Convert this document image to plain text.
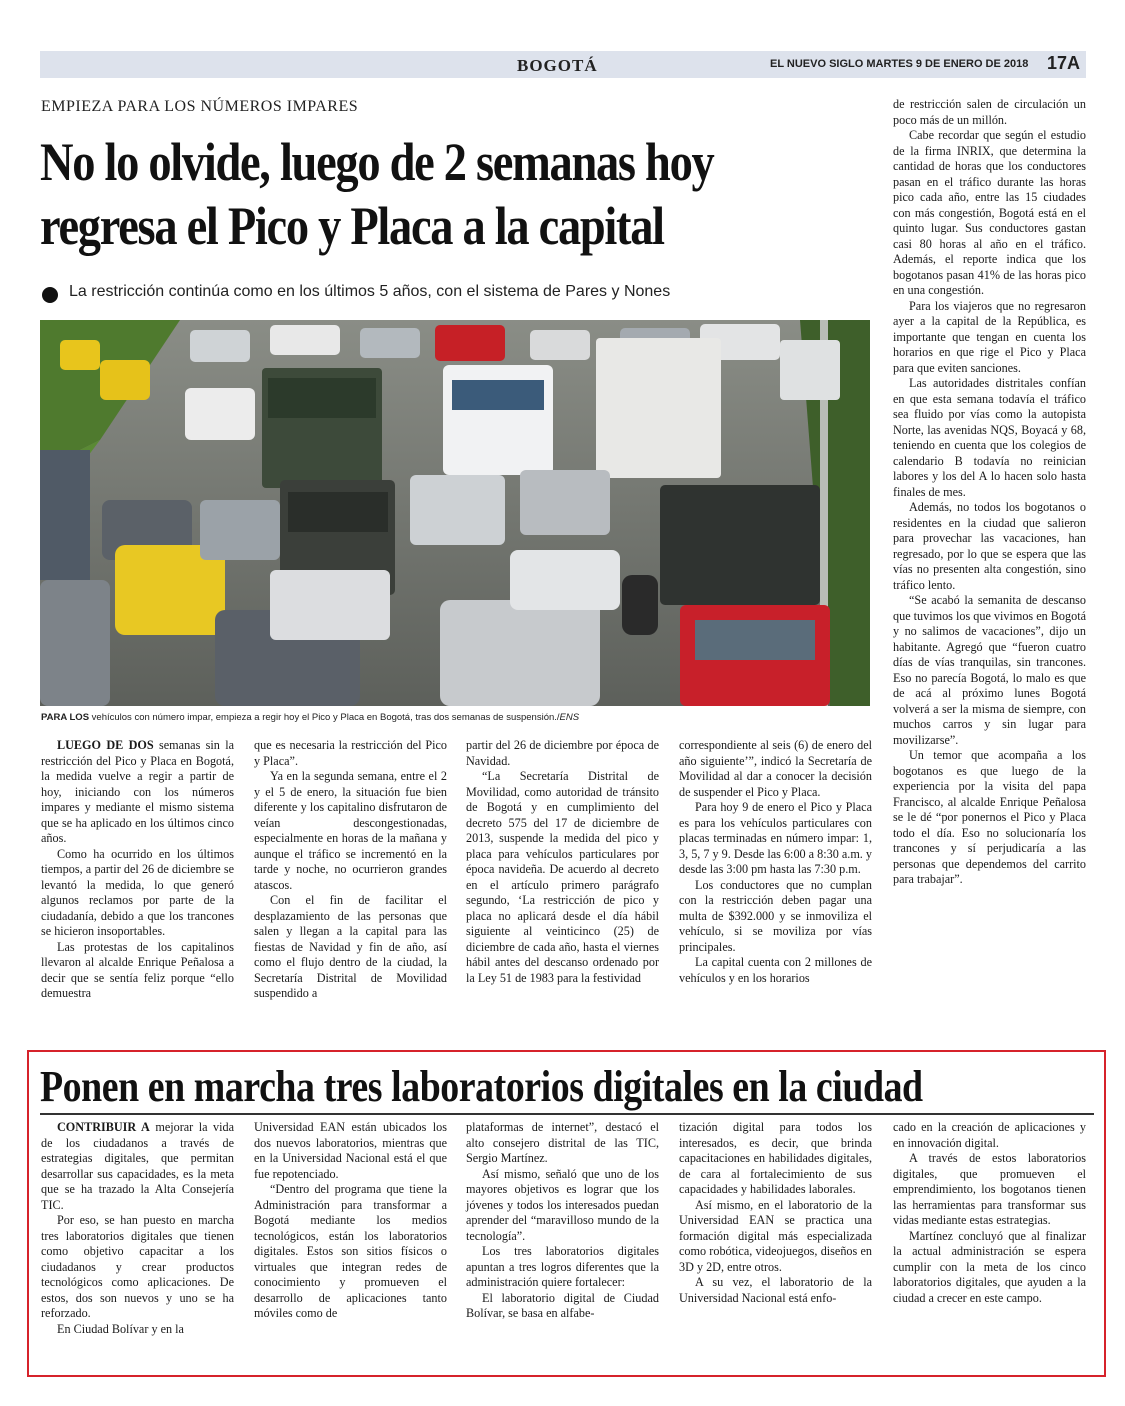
BOGOTÁ	EL NUEVO SIGLO MARTES 9 DE ENERO DE 2018 17A
EMPIEZA PARA LOS NÚMEROS IMPARES
No lo olvide, luego de 2 semanas hoy
regresa el Pico y Placa a la capital
La restricción continúa como en los últimos 5 años, con el sistema de Pares y Nones
PARA LOS vehículos con número impar, empieza a regir hoy el Pico y Placa en Bogotá, tras dos semanas de suspensión./ENS

LUEGO DE DOS semanas sin la restricción del Pico y Placa en Bogotá, la medida vuelve a regir a partir de hoy, iniciando con los números impares y mediante el mismo sistema que se ha aplicado en los últimos cinco años.

Como ha ocurrido en los últimos tiempos, a partir del 26 de diciembre se levantó la medida, lo que generó algunos reclamos por parte de la ciudadanía, debido a que los trancones se hicieron insoportables.

Las protestas de los capitalinos llevaron al alcalde Enrique Peñalosa a decir que se sentía feliz porque “ello demuestra

que es necesaria la restricción del Pico y Placa”.

Ya en la segunda semana, entre el 2 y el 5 de enero, la situación fue bien diferente y los capitalino disfrutaron de veían descongestionadas, especialmente en horas de la mañana y aunque el tráfico se incrementó en la tarde y noche, no ocurrieron grandes atascos.

Con el fin de facilitar el desplazamiento de las personas que salen y llegan a la capital para las fiestas de Navidad y fin de año, así como el flujo dentro de la ciudad, la Secretaría Distrital de Movilidad suspendido a

partir del 26 de diciembre por época de Navidad.

“La Secretaría Distrital de Movilidad, como autoridad de tránsito de Bogotá y en cumplimiento del decreto 575 del 17 de diciembre de 2013, suspende la medida del pico y placa para vehículos particulares por época navideña. De acuerdo al decreto en el artículo primero parágrafo segundo, ‘La restricción de pico y placa no aplicará desde el día hábil siguiente al veinticinco (25) de diciembre de cada año, hasta el viernes hábil antes del descanso ordenado por la Ley 51 de 1983 para la festividad

correspondiente al seis (6) de enero del año siguiente’”, indicó la Secretaría de Movilidad al dar a conocer la decisión de suspender el Pico y Placa.

Para hoy 9 de enero el Pico y Placa es para los vehículos particulares con placas terminadas en número impar: 1, 3, 5, 7 y 9. Desde las 6:00 a 8:30 a.m. y desde las 3:00 pm hasta las 7:30 p.m.

Los conductores que no cumplan con la restricción deben pagar una multa de $392.000 y se inmoviliza el vehículo, si se moviliza por vías principales.

La capital cuenta con 2 millones de vehículos y en los horarios

de restricción salen de circulación un poco más de un millón.

Cabe recordar que según el estudio de la firma INRIX, que determina la cantidad de horas que los conductores pasan en el tráfico durante las horas pico cada año, entre las 15 ciudades con más congestión, Bogotá está en el quinto lugar. Sus conductores gastan casi 80 horas al año en el tráfico. Además, el reporte indica que los bogotanos pasan 41% de las horas pico en una congestión.

Para los viajeros que no regresaron ayer a la capital de la República, es importante que tengan en cuenta los horarios en que rige el Pico y Placa para que eviten sanciones.

Las autoridades distritales confían en que esta semana todavía el tráfico sea fluido por vías como la autopista Norte, las avenidas NQS, Boyacá y 68, teniendo en cuenta que los colegios de calendario B todavía no reinician labores y los del A lo hacen solo hasta finales de mes.

Además, no todos los bogotanos o residentes en la ciudad que salieron para provechar las vacaciones, han regresado, por lo que se espera que las vías no presenten alta congestión, sino tráfico lento.

“Se acabó la semanita de descanso que tuvimos los que vivimos en Bogotá y no salimos de vacaciones”, dijo un habitante. Agregó que “fueron cuatro días de vías tranquilas, sin trancones. Eso no parecía Bogotá, lo malo es que de acá al próximo lunes Bogotá volverá a ser la misma de siempre, con muchos carros y sin lugar para movilizarse”.

Un temor que acompaña a los bogotanos es que luego de la experiencia por la visita del papa Francisco, al alcalde Enrique Peñalosa se le dé “por ponernos el Pico y Placa todo el día. Eso no solucionaría los trancones y sí perjudicaría a las personas que dependemos del carrito para trabajar”.

Ponen en marcha tres laboratorios digitales en la ciudad

CONTRIBUIR A mejorar la vida de los ciudadanos a través de estrategias digitales, que permitan desarrollar sus capacidades, es la meta que se ha trazado la Alta Consejería TIC.

Por eso, se han puesto en marcha tres laboratorios digitales que tienen como objetivo capacitar a los ciudadanos y crear productos tecnológicos como aplicaciones. De estos, dos son nuevos y uno se ha reforzado.

En Ciudad Bolívar y en la

Universidad EAN están ubicados los dos nuevos laboratorios, mientras que en la Universidad Nacional está el que fue repotenciado.

“Dentro del programa que tiene la Administración para transformar a Bogotá mediante los medios tecnológicos, están los laboratorios digitales. Estos son sitios físicos o virtuales que integran redes de conocimiento y promueven el desarrollo de aplicaciones tanto móviles como de

plataformas de internet”, destacó el alto consejero distrital de las TIC, Sergio Martínez.

Así mismo, señaló que uno de los mayores objetivos es lograr que los jóvenes y todos los interesados puedan aprender del “maravilloso mundo de la tecnología”.

Los tres laboratorios digitales apuntan a tres logros diferentes que la administración quiere fortalecer:

El laboratorio digital de Ciudad Bolívar, se basa en alfabe-

tización digital para todos los interesados, es decir, que brinda capacitaciones en habilidades digitales, de cara al fortalecimiento de sus capacidades y habilidades laborales.

Así mismo, en el laboratorio de la Universidad EAN se practica una formación digital más especializada como robótica, videojuegos, diseños en 3D y 2D, entre otros.

A su vez, el laboratorio de la Universidad Nacional está enfo-

cado en la creación de aplicaciones y en innovación digital.

A través de estos laboratorios digitales, que promueven el emprendimiento, los bogotanos tienen las herramientas para transformar sus vidas mediante estas estrategias.

Martínez concluyó que al finalizar la actual administración se espera cumplir con la meta de los cinco laboratorios digitales, que ayuden a la ciudad a crecer en este campo.
